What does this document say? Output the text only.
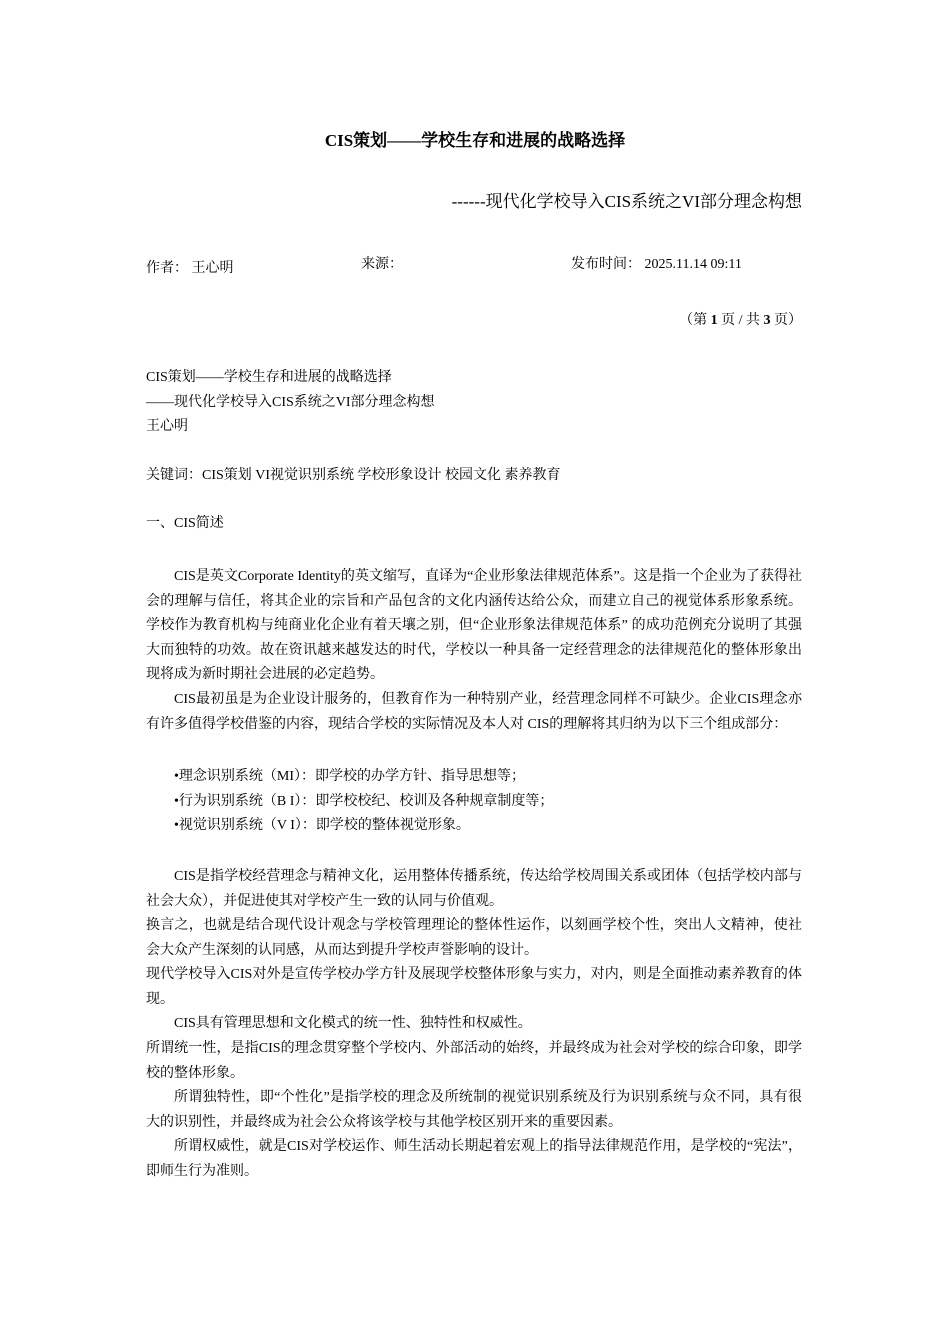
CIS策划——学校生存和进展的战略选择
------现代化学校导入CIS系统之VI部分理念构想
作者： 王心明	来源：	发布时间： 2025.11.14 09:11
（第 1 页 / 共 3 页）

CIS策划——学校生存和进展的战略选择

——现代化学校导入CIS系统之VI部分理念构想

王心明

关键词：CIS策划 VI视觉识别系统 学校形象设计 校园文化 素养教育

一、CIS简述

CIS是英文Corporate Identity的英文缩写，直译为“企业形象法律规范体系”。这是指一个企业为了获得社会的理解与信任，将其企业的宗旨和产品包含的文化内涵传达给公众，而建立自己的视觉体系形象系统。学校作为教育机构与纯商业化企业有着天壤之别，但“企业形象法律规范体系” 的成功范例充分说明了其强大而独特的功效。故在资讯越来越发达的时代，学校以一种具备一定经营理念的法律规范化的整体形象出现将成为新时期社会进展的必定趋势。

CIS最初虽是为企业设计服务的，但教育作为一种特别产业，经营理念同样不可缺少。企业CIS理念亦有许多值得学校借鉴的内容，现结合学校的实际情况及本人对 CIS的理解将其归纳为以下三个组成部分：

•理念识别系统（MI）：即学校的办学方针、指导思想等；

•行为识别系统（B I）：即学校校纪、校训及各种规章制度等；

•视觉识别系统（V I）：即学校的整体视觉形象。

CIS是指学校经营理念与精神文化，运用整体传播系统，传达给学校周围关系或团体（包括学校内部与社会大众），并促进使其对学校产生一致的认同与价值观。

换言之，也就是结合现代设计观念与学校管理理论的整体性运作，以刻画学校个性，突出人文精神，使社会大众产生深刻的认同感，从而达到提升学校声誉影响的设计。

现代学校导入CIS对外是宣传学校办学方针及展现学校整体形象与实力，对内，则是全面推动素养教育的体现。

CIS具有管理思想和文化模式的统一性、独特性和权威性。

所谓统一性，是指CIS的理念贯穿整个学校内、外部活动的始终，并最终成为社会对学校的综合印象，即学校的整体形象。

所谓独特性，即“个性化”是指学校的理念及所统制的视觉识别系统及行为识别系统与众不同，具有很大的识别性，并最终成为社会公众将该学校与其他学校区别开来的重要因素。

所谓权威性，就是CIS对学校运作、师生活动长期起着宏观上的指导法律规范作用，是学校的“宪法”，即师生行为准则。
